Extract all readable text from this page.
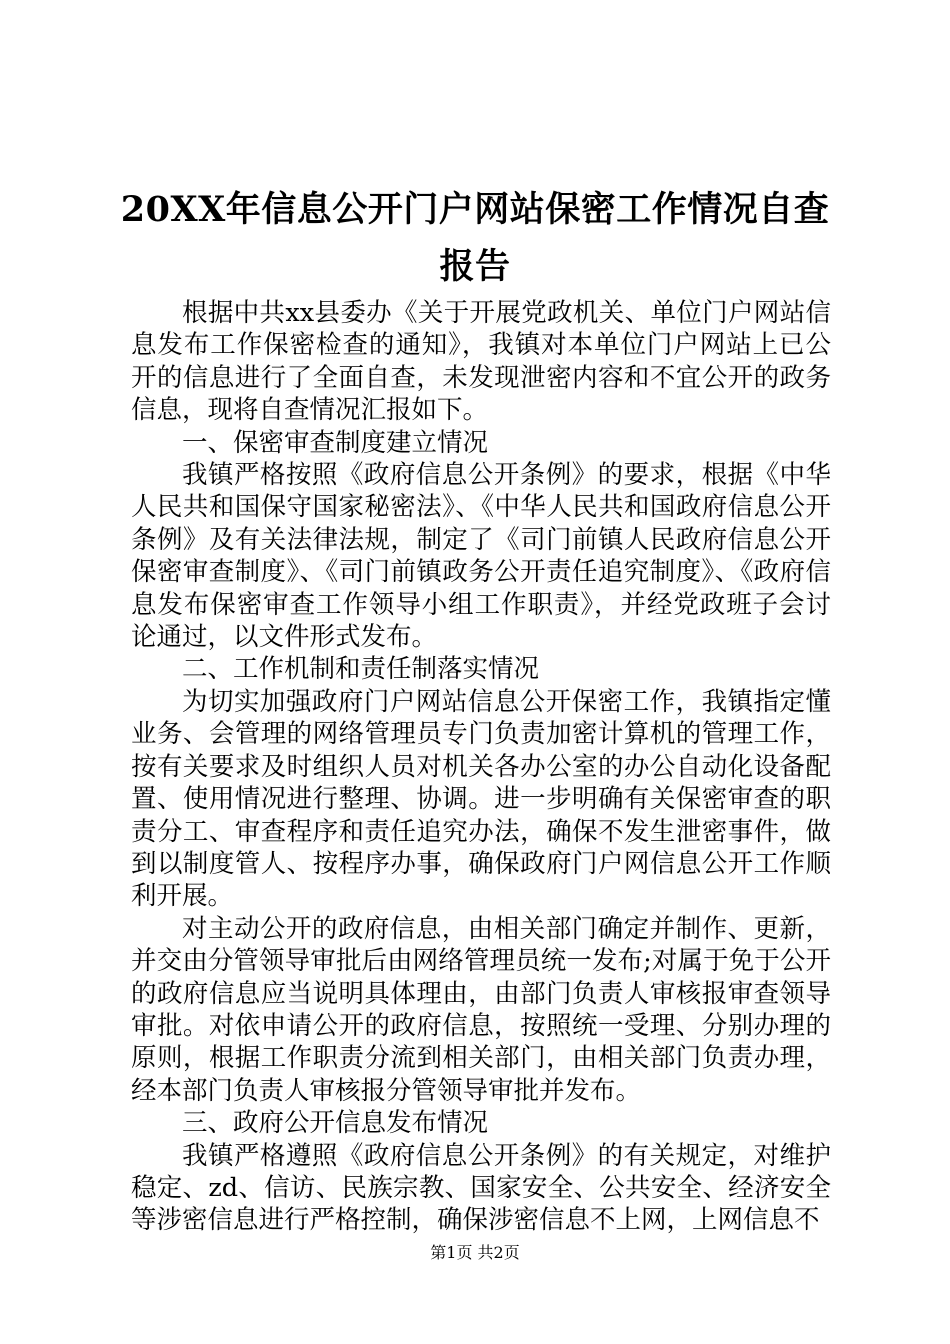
20XX年信息公开门户网站保密工作情况自查
报告

根据中共xx县委办《关于开展党政机关、单位门户网站信息发布工作保密检查的通知》，我镇对本单位门户网站上已公开的信息进行了全面自查，未发现泄密内容和不宜公开的政务信息，现将自查情况汇报如下。

一、保密审查制度建立情况

我镇严格按照《政府信息公开条例》的要求，根据《中华人民共和国保守国家秘密法》、《中华人民共和国政府信息公开条例》及有关法律法规，制定了《司门前镇人民政府信息公开保密审查制度》、《司门前镇政务公开责任追究制度》、《政府信息发布保密审查工作领导小组工作职责》，并经党政班子会讨论通过，以文件形式发布。

二、工作机制和责任制落实情况

为切实加强政府门户网站信息公开保密工作，我镇指定懂业务、会管理的网络管理员专门负责加密计算机的管理工作，按有关要求及时组织人员对机关各办公室的办公自动化设备配置、使用情况进行整理、协调。进一步明确有关保密审查的职责分工、审查程序和责任追究办法，确保不发生泄密事件，做到以制度管人、按程序办事，确保政府门户网信息公开工作顺利开展。

对主动公开的政府信息，由相关部门确定并制作、更新，并交由分管领导审批后由网络管理员统一发布;对属于免于公开的政府信息应当说明具体理由，由部门负责人审核报审查领导审批。对依申请公开的政府信息，按照统一受理、分别办理的原则，根据工作职责分流到相关部门，由相关部门负责办理，经本部门负责人审核报分管领导审批并发布。

三、政府公开信息发布情况

我镇严格遵照《政府信息公开条例》的有关规定，对维护稳定、zd、信访、民族宗教、国家安全、公共安全、经济安全等涉密信息进行严格控制，确保涉密信息不上网，上网信息不

第1页 共2页
